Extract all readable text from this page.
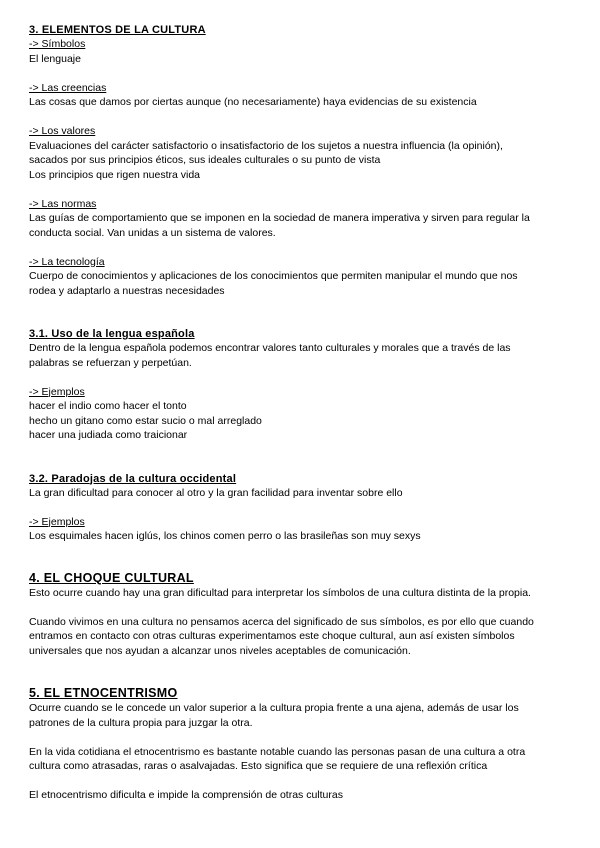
3. ELEMENTOS DE LA CULTURA

-> Símbolos

El lenguaje

-> Las creencias

Las cosas que damos por ciertas aunque (no necesariamente) haya evidencias de su existencia

-> Los valores

Evaluaciones del carácter satisfactorio o insatisfactorio de los sujetos a nuestra influencia (la opinión),

sacados por sus principios éticos, sus ideales culturales o su punto de vista

Los principios que rigen nuestra vida

-> Las normas

Las guías de comportamiento que se imponen en la sociedad de manera imperativa y sirven para regular la

conducta social. Van unidas a un sistema de valores.

-> La tecnología

Cuerpo de conocimientos y aplicaciones de los conocimientos que permiten manipular el mundo que nos

rodea y adaptarlo a nuestras necesidades

3.1. Uso de la lengua española

Dentro de la lengua española podemos encontrar valores tanto culturales y morales que a través de las

palabras se refuerzan y perpetúan.

-> Ejemplos

hacer el indio como hacer el tonto

hecho un gitano como estar sucio o mal arreglado

hacer una judiada como traicionar

3.2. Paradojas de la cultura occidental

La gran dificultad para conocer al otro y la gran facilidad para inventar sobre ello

-> Ejemplos

Los esquimales hacen iglús, los chinos comen perro o las brasileñas son muy sexys

4. EL CHOQUE CULTURAL

Esto ocurre cuando hay una gran dificultad para interpretar los símbolos de una cultura distinta de la propia.

Cuando vivimos en una cultura no pensamos acerca del significado de sus símbolos, es por ello que cuando

entramos en contacto con otras culturas experimentamos este choque cultural, aun así existen símbolos

universales que nos ayudan a alcanzar unos niveles aceptables de comunicación.

5. EL ETNOCENTRISMO

Ocurre cuando se le concede un valor superior a la cultura propia frente a una ajena, además de usar los

patrones de la cultura propia para juzgar la otra.

En la vida cotidiana el etnocentrismo es bastante notable cuando las personas pasan de una cultura a otra

cultura como atrasadas, raras o asalvajadas. Esto significa que se requiere de una reflexión crítica

El etnocentrismo dificulta e impide la comprensión de otras culturas
